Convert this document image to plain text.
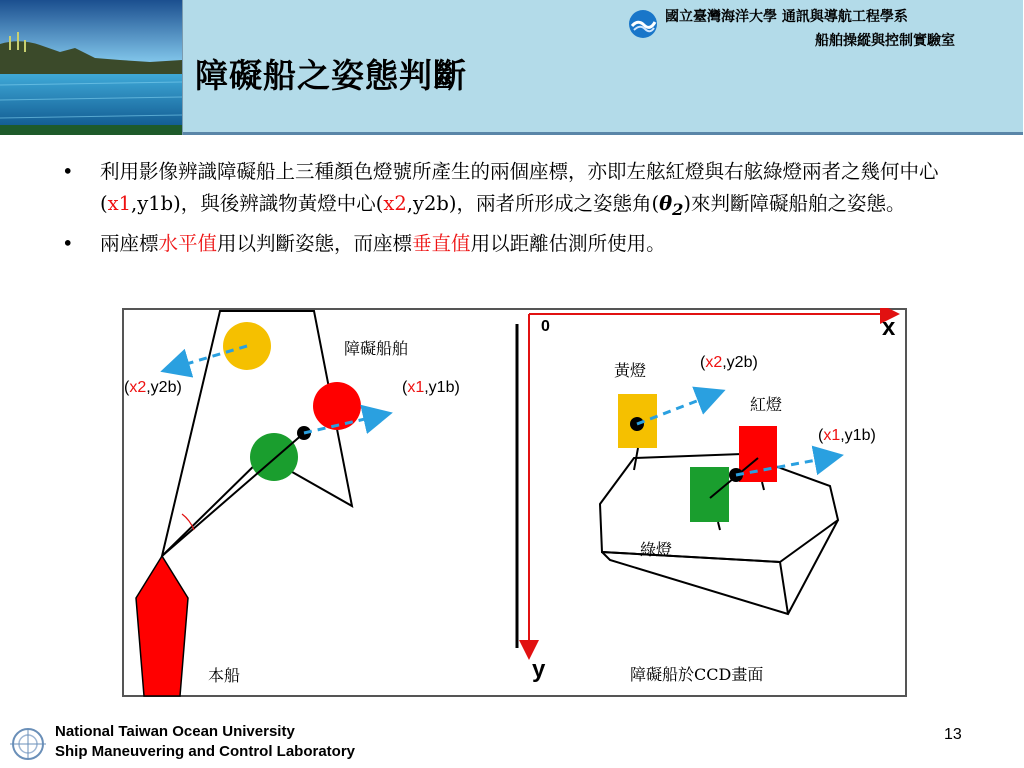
障礙船之姿態判斷
國立臺灣海洋大學 通訊與導航工程學系
船舶操縱與控制實驗室
• 利用影像辨識障礙船上三種顏色燈號所產生的兩個座標，亦即左舷紅燈與右舷綠燈兩者之幾何中心(x1,y1b)，與後辨識物黃燈中心(x2,y2b)，兩者所形成之姿態角$(\theta_2)$來判斷障礙船舶之姿態。
• 兩座標水平值用以判斷姿態，而座標垂直值用以距離估測所使用。
障礙船舶
(x2,y2b)	(x1,y1b)
本船
0	x
y
黃燈	(x2,y2b)
紅燈
(x1,y1b)
綠燈
障礙船於CCD畫面
National Taiwan Ocean University
Ship Maneuvering and Control Laboratory
13
